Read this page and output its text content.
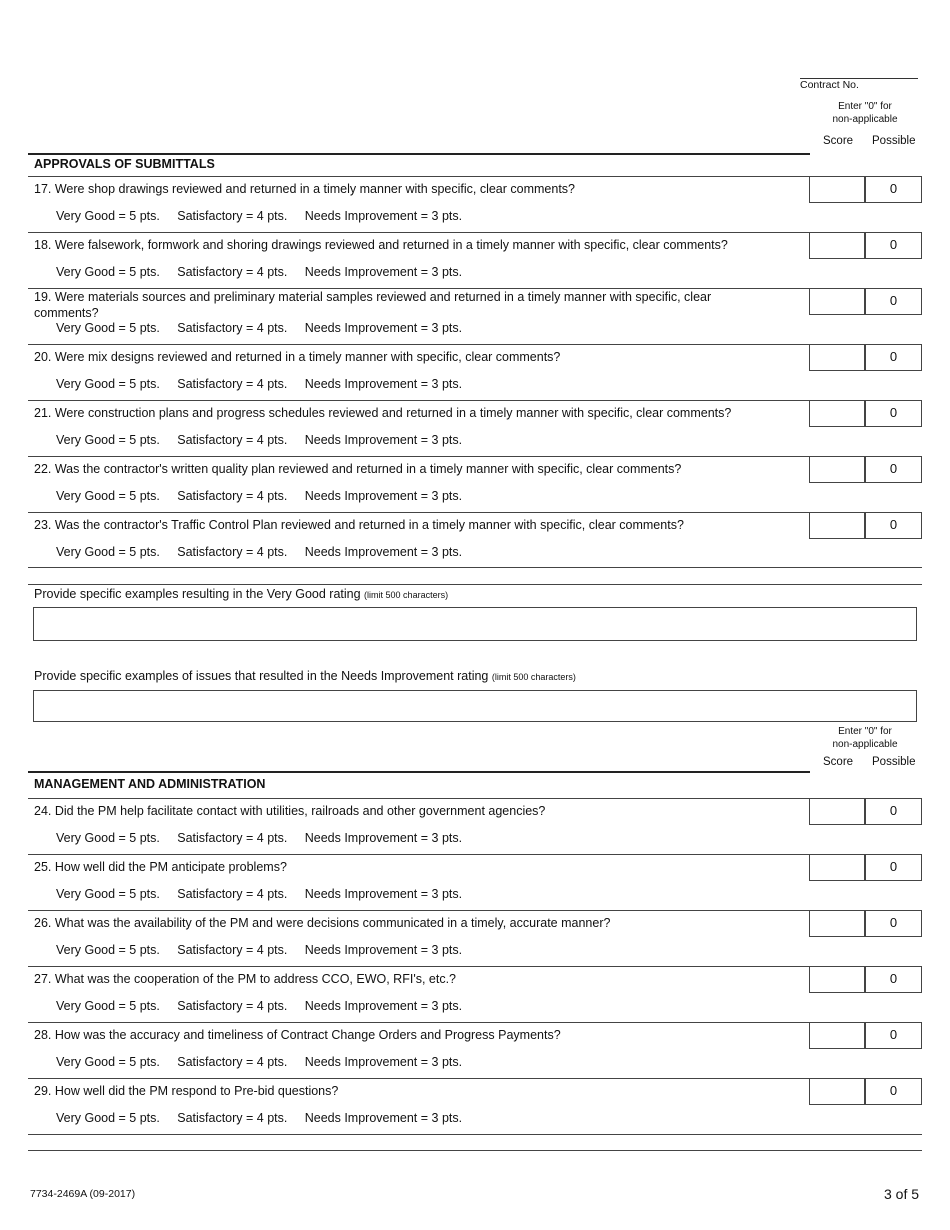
Contract No.
Enter "0" for
non-applicable
Score Possible
APPROVALS OF SUBMITTALS
17. Were shop drawings reviewed and returned in a timely manner with specific, clear comments?
Very Good = 5 pts.     Satisfactory = 4 pts.     Needs Improvement = 3 pts.
0
18. Were falsework, formwork and shoring drawings reviewed and returned in a timely manner with specific, clear comments?
Very Good = 5 pts.     Satisfactory = 4 pts.     Needs Improvement = 3 pts.
0
19. Were materials sources and preliminary material samples reviewed and returned in a timely manner with specific, clear comments?
Very Good = 5 pts.     Satisfactory = 4 pts.     Needs Improvement = 3 pts.
0
20. Were mix designs reviewed and returned in a timely manner with specific, clear comments?
Very Good = 5 pts.     Satisfactory = 4 pts.     Needs Improvement = 3 pts.
0
21. Were construction plans and progress schedules reviewed and returned in a timely manner with specific, clear comments?
Very Good = 5 pts.     Satisfactory = 4 pts.     Needs Improvement = 3 pts.
0
22. Was the contractor's written quality plan reviewed and returned in a timely manner with specific, clear comments?
Very Good = 5 pts.     Satisfactory = 4 pts.     Needs Improvement = 3 pts.
0
23. Was the contractor's Traffic Control Plan reviewed and returned in a timely manner with specific, clear comments?
Very Good = 5 pts.     Satisfactory = 4 pts.     Needs Improvement = 3 pts.
0
Provide specific examples resulting in the Very Good rating (limit 500 characters)
Provide specific examples of issues that resulted in the Needs Improvement rating (limit 500 characters)
Enter "0" for
non-applicable
Score Possible
MANAGEMENT AND ADMINISTRATION
24. Did the PM help facilitate contact with utilities, railroads and other government agencies?
Very Good = 5 pts.     Satisfactory = 4 pts.     Needs Improvement = 3 pts.
0
25. How well did the PM anticipate problems?
Very Good = 5 pts.     Satisfactory = 4 pts.     Needs Improvement = 3 pts.
0
26. What was the availability of the PM and were decisions communicated in a timely, accurate manner?
Very Good = 5 pts.     Satisfactory = 4 pts.     Needs Improvement = 3 pts.
0
27. What was the cooperation of the PM to address CCO, EWO, RFI's, etc.?
Very Good = 5 pts.     Satisfactory = 4 pts.     Needs Improvement = 3 pts.
0
28. How was the accuracy and timeliness of Contract Change Orders and Progress Payments?
Very Good = 5 pts.     Satisfactory = 4 pts.     Needs Improvement = 3 pts.
0
29. How well did the PM respond to Pre-bid questions?
Very Good = 5 pts.     Satisfactory = 4 pts.     Needs Improvement = 3 pts.
0
7734-2469A (09-2017)	3 of 5
